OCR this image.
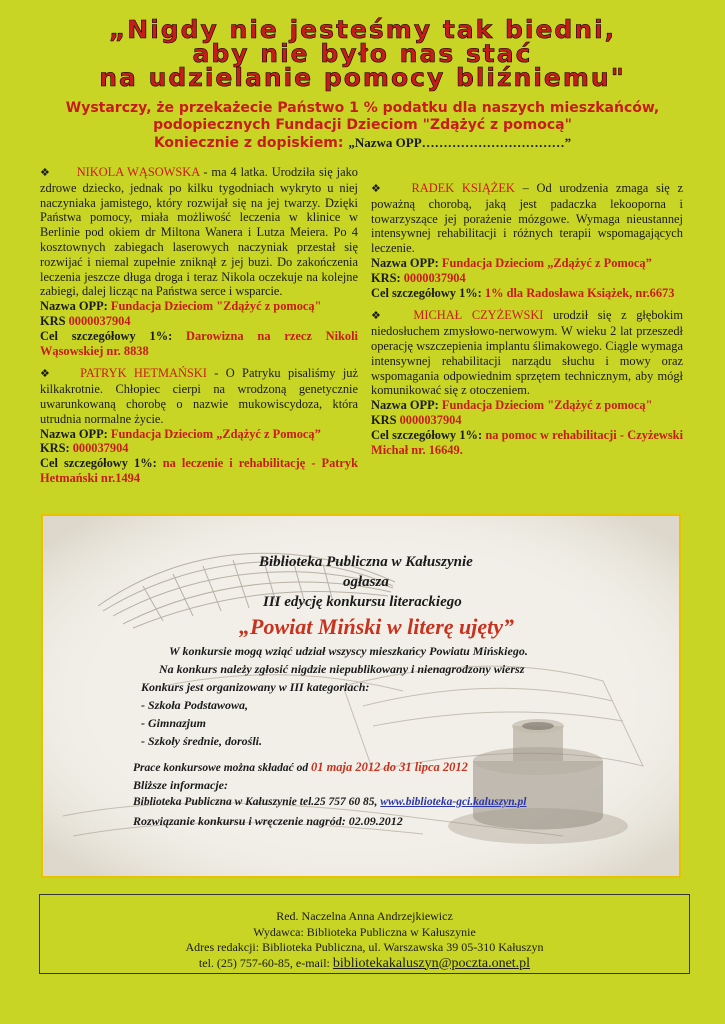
„Nigdy nie jesteśmy tak biedni,
aby nie było nas stać
na udzielanie pomocy bliźniemu"
Wystarczy, że przekażecie Państwo 1 % podatku dla naszych mieszkańców,
podopiecznych Fundacji Dzieciom "Zdążyć z pomocą"
Koniecznie z dopiskiem: „Nazwa OPP……………………………”
❖ NIKOLA WĄSOWSKA - ma 4 latka. Urodziła się jako zdrowe dziecko, jednak po kilku tygodniach wykryto u niej naczyniaka jamistego, który rozwijał się na jej twarzy. Dzięki Państwa pomocy, miała możliwość leczenia w klinice w Berlinie pod okiem dr Miltona Wanera i Lutza Meiera. Po 4 kosztownych zabiegach laserowych naczyniak przestał się rozwijać i niemal zupełnie zniknął z jej buzi. Do zakończenia leczenia jeszcze długa droga i teraz Nikola oczekuje na kolejne zabiegi, dalej licząc na Państwa serce i wsparcie.
Nazwa OPP: Fundacja Dzieciom "Zdążyć z pomocą"
KRS 0000037904
Cel szczegółowy 1%: Darowizna na rzecz Nikoli Wąsowskiej nr. 8838
❖ PATRYK HETMAŃSKI - O Patryku pisaliśmy już kilkakrotnie. Chłopiec cierpi na wrodzoną genetycznie uwarunkowaną chorobę o nazwie mukowiscydoza, która utrudnia normalne życie.
Nazwa OPP: Fundacja Dzieciom „Zdążyć z Pomocą”
KRS: 000037904
Cel szczegółowy 1%: na leczenie i rehabilitację - Patryk Hetmański nr.1494
❖ RADEK KSIĄŻEK – Od urodzenia zmaga się z poważną chorobą, jaką jest padaczka lekooporna i towarzyszące jej porażenie mózgowe. Wymaga nieustannej intensywnej rehabilitacji i różnych terapii wspomagających leczenie.
Nazwa OPP: Fundacja Dzieciom „Zdążyć z Pomocą”
KRS: 0000037904
Cel szczegółowy 1%: 1% dla Radosława Książek, nr.6673
❖ MICHAŁ CZYŻEWSKI urodził się z głębokim niedosłuchem zmysłowo-nerwowym. W wieku 2 lat przeszedł operację wszczepienia implantu ślimakowego. Ciągle wymaga intensywnej rehabilitacji narządu słuchu i mowy oraz wspomagania odpowiednim sprzętem technicznym, aby mógł komunikować się z otoczeniem.
Nazwa OPP: Fundacja Dzieciom "Zdążyć z pomocą"
KRS 0000037904
Cel szczegółowy 1%: na pomoc w rehabilitacji - Czyżewski Michał nr. 16649.
Biblioteka Publiczna w Kałuszynie
ogłasza
III edycję konkursu literackiego
„Powiat Miński w literę ujęty”
W konkursie mogą wziąć udział wszyscy mieszkańcy Powiatu Mińskiego.
Na konkurs należy zgłosić nigdzie niepublikowany i nienagrodzony wiersz
Konkurs jest organizowany w III kategoriach:
- Szkoła Podstawowa,
- Gimnazjum
- Szkoły średnie, dorośli.
Prace konkursowe można składać od 01 maja 2012 do 31 lipca 2012
Bliższe informacje:
Biblioteka Publiczna w Kałuszynie tel.25 757 60 85, www.biblioteka-gci.kaluszyn.pl
Rozwiązanie konkursu i wręczenie nagród: 02.09.2012
Red. Naczelna Anna Andrzejkiewicz
Wydawca: Biblioteka Publiczna w Kałuszynie
Adres redakcji: Biblioteka Publiczna, ul. Warszawska 39 05-310 Kałuszyn
tel. (25) 757-60-85, e-mail: bibliotekakaluszyn@poczta.onet.pl
